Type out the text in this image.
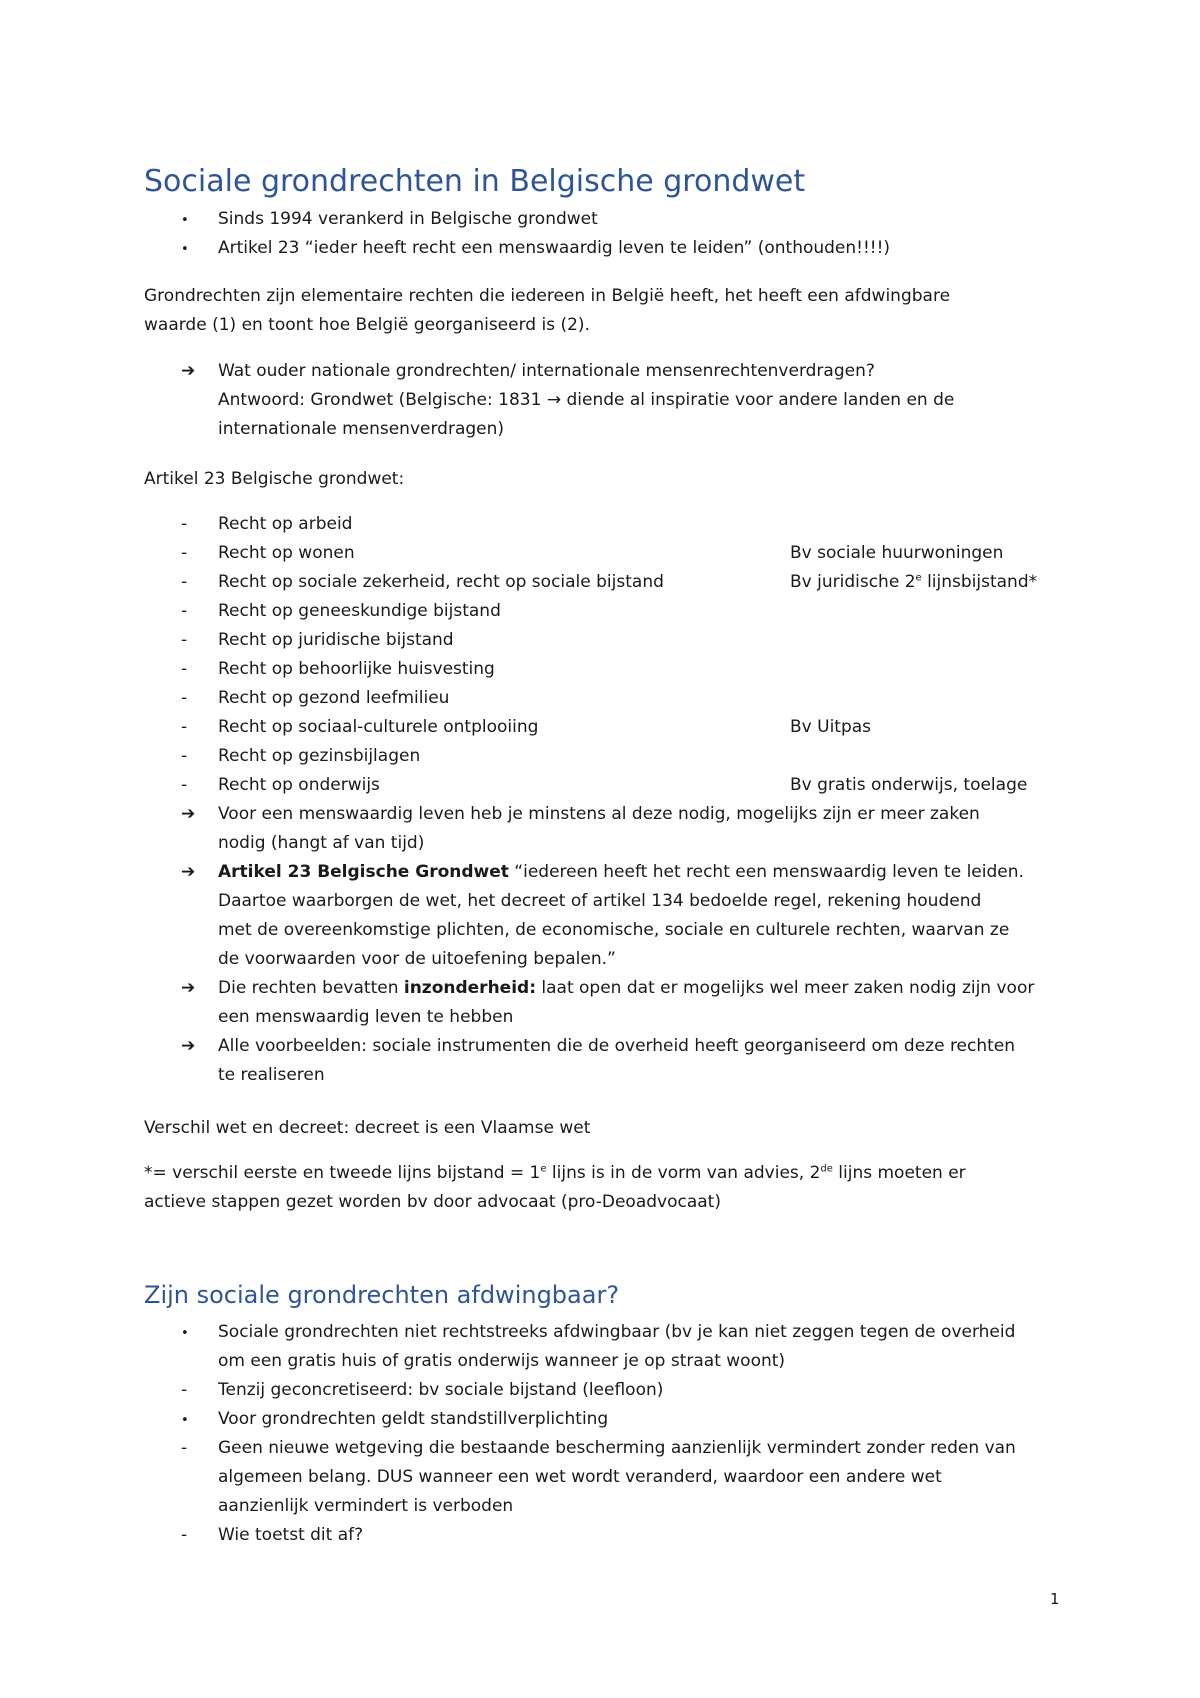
Sociale grondrechten in Belgische grondwet
• Sinds 1994 verankerd in Belgische grondwet
• Artikel 23 “ieder heeft recht een menswaardig leven te leiden” (onthouden!!!!)
Grondrechten zijn elementaire rechten die iedereen in België heeft, het heeft een afdwingbare
waarde (1) en toont hoe België georganiseerd is (2).
➔ Wat ouder nationale grondrechten/ internationale mensenrechtenverdragen?
Antwoord: Grondwet (Belgische: 1831 → diende al inspiratie voor andere landen en de
internationale mensenverdragen)
Artikel 23 Belgische grondwet:
- Recht op arbeid
- Recht op wonen	Bv sociale huurwoningen
- Recht op sociale zekerheid, recht op sociale bijstand	Bv juridische 2e lijnsbijstand*
- Recht op geneeskundige bijstand
- Recht op juridische bijstand
- Recht op behoorlijke huisvesting
- Recht op gezond leefmilieu
- Recht op sociaal-culturele ontplooiing	Bv Uitpas
- Recht op gezinsbijlagen
- Recht op onderwijs	Bv gratis onderwijs, toelage
➔ Voor een menswaardig leven heb je minstens al deze nodig, mogelijks zijn er meer zaken
nodig (hangt af van tijd)
➔ Artikel 23 Belgische Grondwet “iedereen heeft het recht een menswaardig leven te leiden.
Daartoe waarborgen de wet, het decreet of artikel 134 bedoelde regel, rekening houdend
met de overeenkomstige plichten, de economische, sociale en culturele rechten, waarvan ze
de voorwaarden voor de uitoefening bepalen.”
➔ Die rechten bevatten inzonderheid: laat open dat er mogelijks wel meer zaken nodig zijn voor
een menswaardig leven te hebben
➔ Alle voorbeelden: sociale instrumenten die de overheid heeft georganiseerd om deze rechten
te realiseren
Verschil wet en decreet: decreet is een Vlaamse wet
*= verschil eerste en tweede lijns bijstand = $1^e$ lijns is in de vorm van advies, 2de lijns moeten er
actieve stappen gezet worden bv door advocaat (pro-Deoadvocaat)
Zijn sociale grondrechten afdwingbaar?
• Sociale grondrechten niet rechtstreeks afdwingbaar (bv je kan niet zeggen tegen de overheid
om een gratis huis of gratis onderwijs wanneer je op straat woont)
- Tenzij geconcretiseerd: bv sociale bijstand (leefloon)
• Voor grondrechten geldt standstillverplichting
- Geen nieuwe wetgeving die bestaande bescherming aanzienlijk vermindert zonder reden van
algemeen belang. DUS wanneer een wet wordt veranderd, waardoor een andere wet
aanzienlijk vermindert is verboden
- Wie toetst dit af?
1
